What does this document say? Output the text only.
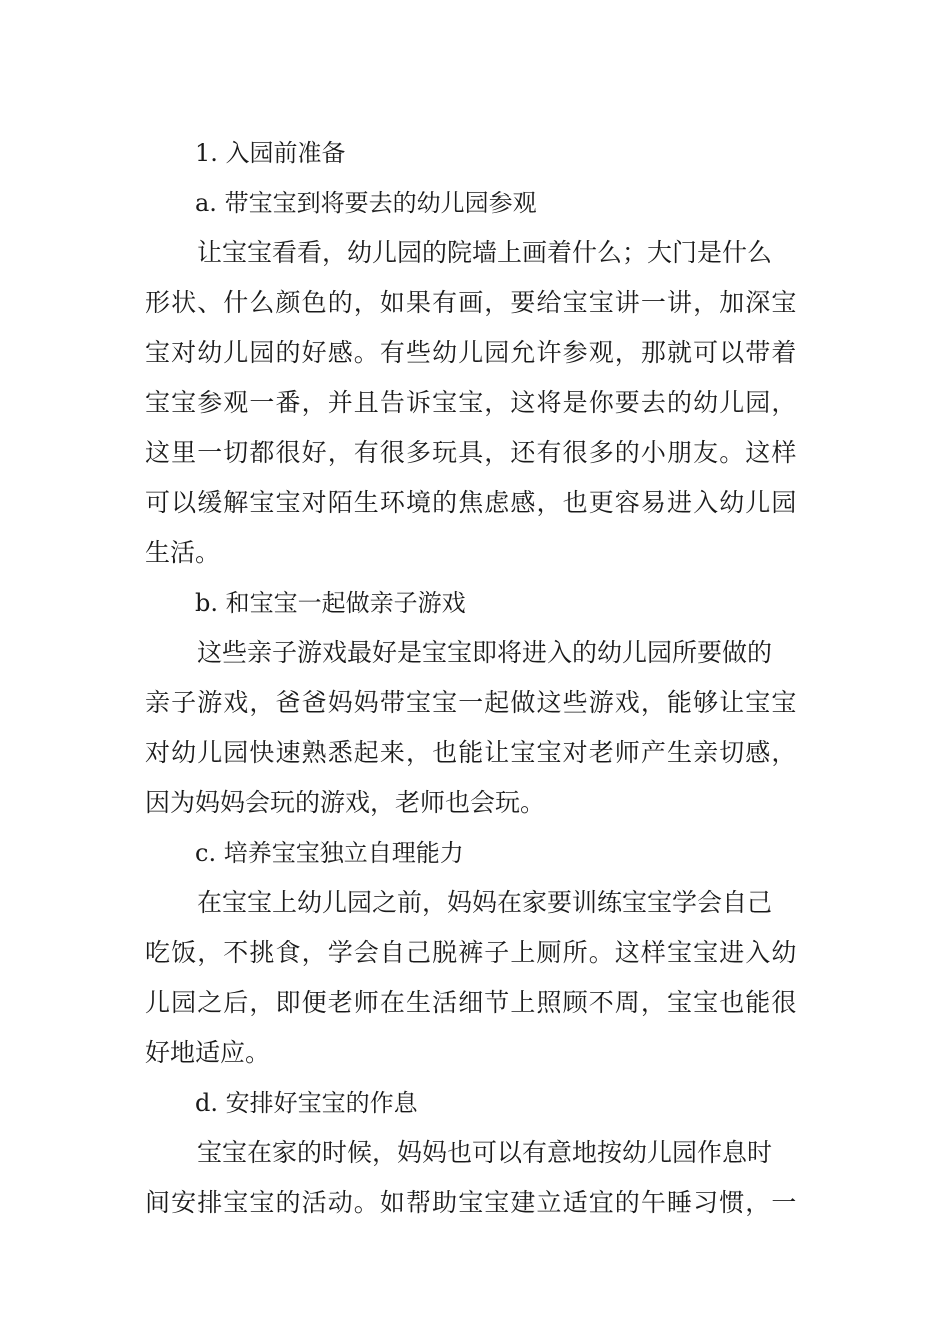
1. 入园前准备
a. 带宝宝到将要去的幼儿园参观
让宝宝看看，幼儿园的院墙上画着什么；大门是什么
形状、什么颜色的，如果有画，要给宝宝讲一讲，加深宝
宝对幼儿园的好感。有些幼儿园允许参观，那就可以带着
宝宝参观一番，并且告诉宝宝，这将是你要去的幼儿园，
这里一切都很好，有很多玩具，还有很多的小朋友。这样
可以缓解宝宝对陌生环境的焦虑感，也更容易进入幼儿园
生活。
b. 和宝宝一起做亲子游戏
这些亲子游戏最好是宝宝即将进入的幼儿园所要做的
亲子游戏，爸爸妈妈带宝宝一起做这些游戏，能够让宝宝
对幼儿园快速熟悉起来，也能让宝宝对老师产生亲切感，
因为妈妈会玩的游戏，老师也会玩。
c. 培养宝宝独立自理能力
在宝宝上幼儿园之前，妈妈在家要训练宝宝学会自己
吃饭，不挑食，学会自己脱裤子上厕所。这样宝宝进入幼
儿园之后，即便老师在生活细节上照顾不周，宝宝也能很
好地适应。
d. 安排好宝宝的作息
宝宝在家的时候，妈妈也可以有意地按幼儿园作息时
间安排宝宝的活动。如帮助宝宝建立适宜的午睡习惯，一
